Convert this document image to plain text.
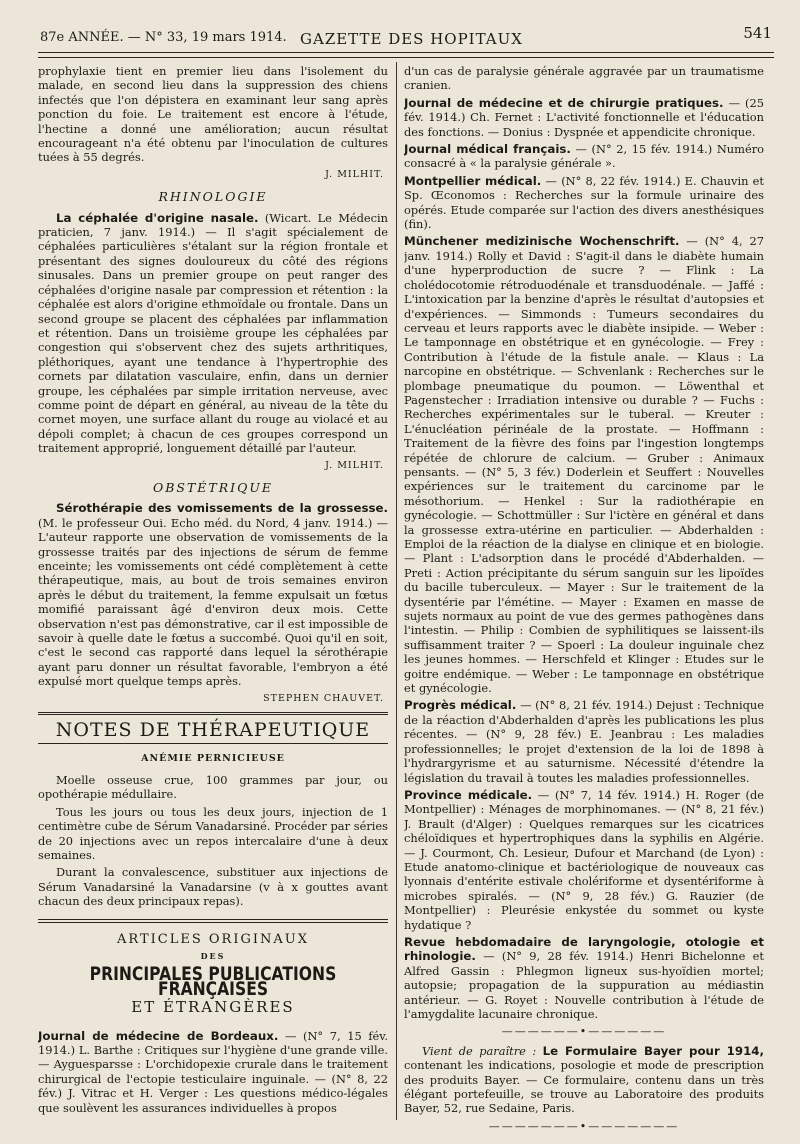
87e ANNÉE. — N° 33, 19 mars 1914. GAZETTE DES HOPITAUX	541

prophylaxie tient en premier lieu dans l'isolement du malade, en second lieu dans la suppression des chiens infectés que l'on dépistera en examinant leur sang après ponction du foie. Le traitement est encore à l'étude, l'hectine a donné une amélioration; aucun résultat encourageant n'a été obtenu par l'inoculation de cultures tuées à 55 degrés.

J. MILHIT.
RHINOLOGIE

La céphalée d'origine nasale. (Wicart. Le Médecin praticien, 7 janv. 1914.) — Il s'agit spécialement de céphalées particulières s'étalant sur la région frontale et présentant des signes douloureux du côté des régions sinusales. Dans un premier groupe on peut ranger des céphalées d'origine nasale par compression et rétention : la céphalée est alors d'origine ethmoïdale ou frontale. Dans un second groupe se placent des céphalées par inflammation et rétention. Dans un troisième groupe les céphalées par congestion qui s'observent chez des sujets arthritiques, pléthoriques, ayant une tendance à l'hypertrophie des cornets par dilatation vasculaire, enfin, dans un dernier groupe, les céphalées par simple irritation nerveuse, avec comme point de départ en général, au niveau de la tête du cornet moyen, une surface allant du rouge au violacé et au dépoli complet; à chacun de ces groupes correspond un traitement approprié, longuement détaillé par l'auteur.

J. MILHIT.
OBSTÉTRIQUE

Sérothérapie des vomissements de la grossesse. (M. le professeur Oui. Echo méd. du Nord, 4 janv. 1914.) — L'auteur rapporte une observation de vomissements de la grossesse traités par des injections de sérum de femme enceinte; les vomissements ont cédé complètement à cette thérapeutique, mais, au bout de trois semaines environ après le début du traitement, la femme expulsait un fœtus momifié paraissant âgé d'environ deux mois. Cette observation n'est pas démonstrative, car il est impossible de savoir à quelle date le fœtus a succombé. Quoi qu'il en soit, c'est le second cas rapporté dans lequel la sérothérapie ayant paru donner un résultat favorable, l'embryon a été expulsé mort quelque temps après.

STEPHEN CHAUVET.
NOTES DE THÉRAPEUTIQUE
ANÉMIE PERNICIEUSE

Moelle osseuse crue, 100 grammes par jour, ou opothérapie médullaire.

Tous les jours ou tous les deux jours, injection de 1 centimètre cube de Sérum Vanadarsiné. Procéder par séries de 20 injections avec un repos intercalaire d'une à deux semaines.

Durant la convalescence, substituer aux injections de Sérum Vanadarsiné la Vanadarsine (v à x gouttes avant chacun des deux principaux repas).

ARTICLES ORIGINAUX
DES
PRINCIPALES PUBLICATIONS FRANÇAISES
ET ÉTRANGÈRES

Journal de médecine de Bordeaux. — (N° 7, 15 fév. 1914.) L. Barthe : Critiques sur l'hygiène d'une grande ville. — Ayguesparsse : L'orchidopexie crurale dans le traitement chirurgical de l'ectopie testiculaire inguinale. — (N° 8, 22 fév.) J. Vitrac et H. Verger : Les questions médico-légales que soulèvent les assurances individuelles à propos

d'un cas de paralysie générale aggravée par un traumatisme cranien.

Journal de médecine et de chirurgie pratiques. — (25 fév. 1914.) Ch. Fernet : L'activité fonctionnelle et l'éducation des fonctions. — Donius : Dyspnée et appendicite chronique.

Journal médical français. — (N° 2, 15 fév. 1914.) Numéro consacré à « la paralysie générale ».

Montpellier médical. — (N° 8, 22 fév. 1914.) E. Chauvin et Sp. Œconomos : Recherches sur la formule urinaire des opérés. Etude comparée sur l'action des divers anesthésiques (fin).

Münchener medizinische Wochenschrift. — (N° 4, 27 janv. 1914.) Rolly et David : S'agit-il dans le diabète humain d'une hyperproduction de sucre ? — Flink : La cholédocotomie rétroduodénale et transduodénale. — Jaffé : L'intoxication par la benzine d'après le résultat d'autopsies et d'expériences. — Simmonds : Tumeurs secondaires du cerveau et leurs rapports avec le diabète insipide. — Weber : Le tamponnage en obstétrique et en gynécologie. — Frey : Contribution à l'étude de la fistule anale. — Klaus : La narcopine en obstétrique. — Schvenlank : Recherches sur le plombage pneumatique du poumon. — Löwenthal et Pagenstecher : Irradiation intensive ou durable ? — Fuchs : Recherches expérimentales sur le tuberal. — Kreuter : L'énucléation périnéale de la prostate. — Hoffmann : Traitement de la fièvre des foins par l'ingestion longtemps répétée de chlorure de calcium. — Gruber : Animaux pensants. — (N° 5, 3 fév.) Doderlein et Seuffert : Nouvelles expériences sur le traitement du carcinome par le mésothorium. — Henkel : Sur la radiothérapie en gynécologie. — Schottmüller : Sur l'ictère en général et dans la grossesse extra-utérine en particulier. — Abderhalden : Emploi de la réaction de la dialyse en clinique et en biologie. — Plant : L'adsorption dans le procédé d'Abderhalden. — Preti : Action précipitante du sérum sanguin sur les lipoïdes du bacille tuberculeux. — Mayer : Sur le traitement de la dysentérie par l'émétine. — Mayer : Examen en masse de sujets normaux au point de vue des germes pathogènes dans l'intestin. — Philip : Combien de syphilitiques se laissent-ils suffisamment traiter ? — Spoerl : La douleur inguinale chez les jeunes hommes. — Herschfeld et Klinger : Etudes sur le goitre endémique. — Weber : Le tamponnage en obstétrique et gynécologie.

Progrès médical. — (N° 8, 21 fév. 1914.) Dejust : Technique de la réaction d'Abderhalden d'après les publications les plus récentes. — (N° 9, 28 fév.) E. Jeanbrau : Les maladies professionnelles; le projet d'extension de la loi de 1898 à l'hydrargyrisme et au saturnisme. Nécessité d'étendre la législation du travail à toutes les maladies professionnelles.

Province médicale. — (N° 7, 14 fév. 1914.) H. Roger (de Montpellier) : Ménages de morphinomanes. — (N° 8, 21 fév.) J. Brault (d'Alger) : Quelques remarques sur les cicatrices chéloïdiques et hypertrophiques dans la syphilis en Algérie. — J. Courmont, Ch. Lesieur, Dufour et Marchand (de Lyon) : Etude anatomo-clinique et bactériologique de nouveaux cas lyonnais d'entérite estivale cholériforme et dysentériforme à microbes spiralés. — (N° 9, 28 fév.) G. Rauzier (de Montpellier) : Pleurésie enkystée du sommet ou kyste hydatique ?

Revue hebdomadaire de laryngologie, otologie et rhinologie. — (N° 9, 28 fév. 1914.) Henri Bichelonne et Alfred Gassin : Phlegmon ligneux sus-hyoïdien mortel; autopsie; propagation de la suppuration au médiastin antérieur. — G. Royet : Nouvelle contribution à l'étude de l'amygdalite lacunaire chronique.

——————•——————

Vient de paraître : Le Formulaire Bayer pour 1914, contenant les indications, posologie et mode de prescription des produits Bayer. — Ce formulaire, contenu dans un très élégant portefeuille, se trouve au Laboratoire des produits Bayer, 52, rue Sedaine, Paris.

———————•———————
